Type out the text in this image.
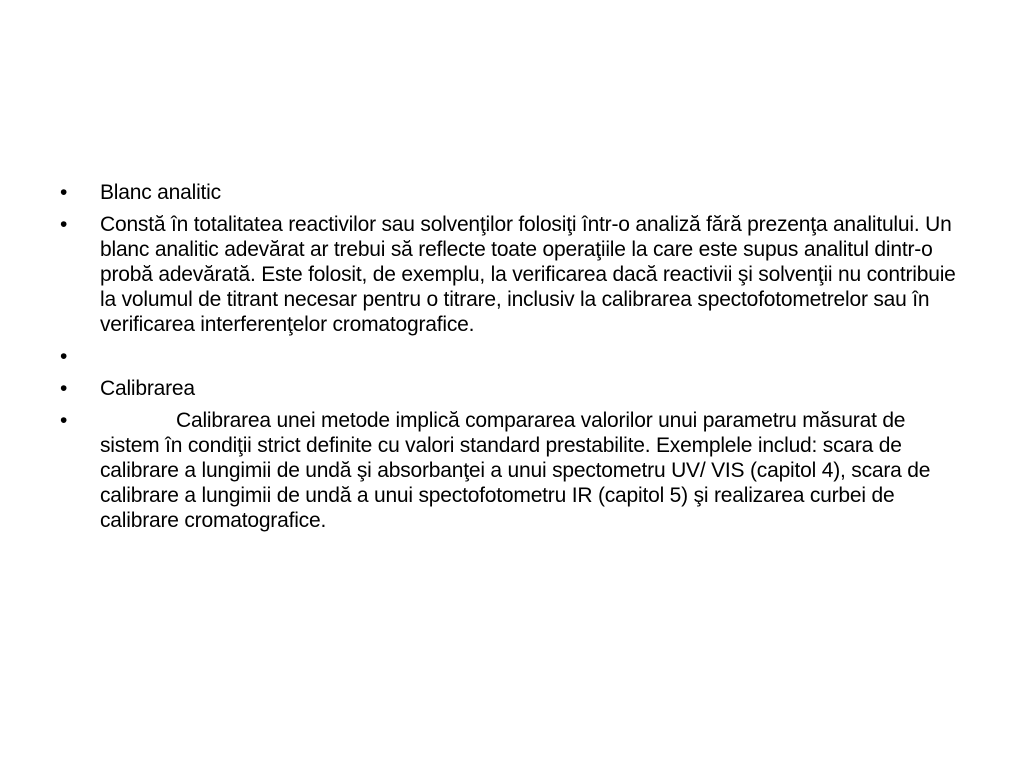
•	Blanc analitic
•	Constă în totalitatea reactivilor sau solvenţilor folosiţi într-o analiză fără prezenţa analitului. Un blanc analitic adevărat ar trebui să reflecte toate operaţiile la care este supus analitul dintr-o probă adevărată. Este folosit, de exemplu, la verificarea dacă reactivii şi solvenţii nu contribuie la volumul de titrant necesar pentru o titrare, inclusiv la calibrarea spectofotometrelor sau în verificarea interferenţelor cromatografice.
•
•	Calibrarea
•	Calibrarea unei metode implică compararea valorilor unui parametru măsurat de sistem în condiţii strict definite cu valori standard prestabilite. Exemplele includ: scara de calibrare a lungimii de undă şi absorbanţei a unui spectometru UV/ VIS (capitol 4), scara de calibrare a lungimii de undă a unui spectofotometru IR (capitol 5) şi realizarea curbei de calibrare cromatografice.
